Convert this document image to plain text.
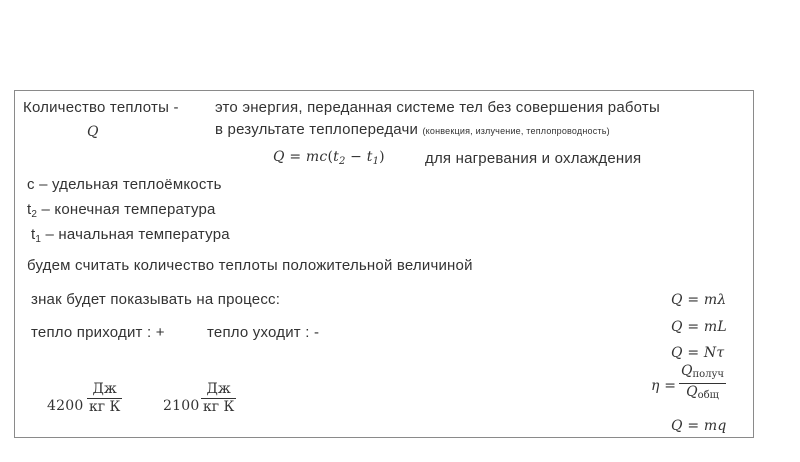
Количество теплоты -
Q
это энергия, переданная системе тел без совершения работы
в результате теплопередачи (конвекция, излучение, теплопроводность)
$Q = mc(t_2 - t_1)$	для нагревания и охлаждения
с – удельная теплоёмкость
$t_2$ – конечная температура
$t_1$ – начальная температура
будем считать количество теплоты положительной величиной
знак будет показывать на процесс:
тепло приходит : +	тепло уходит : -
Q = mλ
Q = mL
Q = Nτ
η =
Qполуч
Qобщ
Q = mq
4200
Дж
кг К	2100
Дж
кг К
